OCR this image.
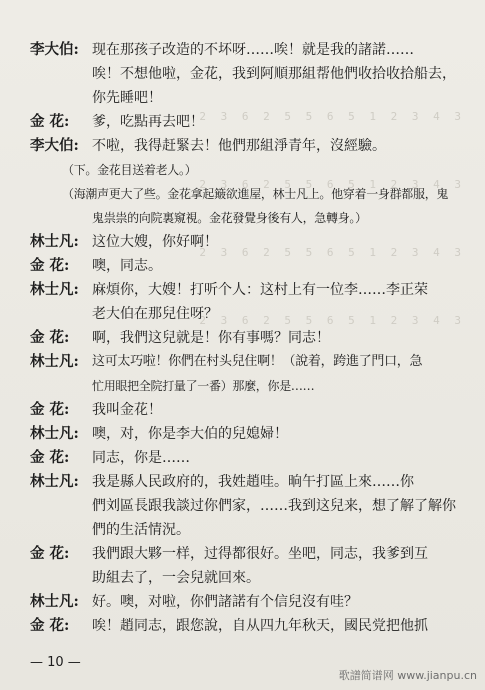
2 3 6 2 5 5 6 5 1 2 3 4 3
2 3 6 2 5 5 6 5 1 2 3 4 3
2 3 6 2 5 5 6 5 1 2 3 4 3
2 3 6 2 5 5 6 5 1 2 3 4 3
李大伯: 现在那孩子改造的不坏呀……唉！就是我的諸諾……
唉！不想他啦，金花，我到阿順那組帮他們收拾收拾船去，
你先睡吧！
金 花:	爹，吃點再去吧！
李大伯: 不啦，我得赶緊去！他們那組淨青年，沒經驗。
（下。金花目送着老人。）
（海潮声更大了些。金花拿起簸欲進屋，林士凡上。他穿着一身群都服，鬼
鬼祟祟的向院裏窺視。金花發覺身後有人，急轉身。）
林士凡: 这位大嫂，你好啊！
金 花:	噢，同志。
林士凡: 麻煩你，大嫂！打听个人：这村上有一位李……李正荣
老大伯在那兒住呀？
金 花:	啊，我們这兒就是！你有事嗎？同志！
林士凡:	这可太巧啦！你們在村头兒住啊！（說着，跨進了門口，急
忙用眼把全院打量了一番）那麼，你是……
金 花:	我叫金花！
林士凡: 噢，对，你是李大伯的兒媳婦！
金 花:	同志，你是……
林士凡: 我是縣人民政府的，我姓趙哇。晌午打區上來……你
們刘區長跟我談过你們家，……我到这兒来，想了解了解你
們的生活情況。
金 花:	我們跟大夥一样，过得都很好。坐吧，同志，我爹到互
助組去了，一会兒就回來。
林士凡: 好。噢，对啦，你們諸諾有个信兒沒有哇？
金 花:	唉！趙同志，跟您說，自从四九年秋天，國民党把他抓
— 10 —
歌譜简谱网 www.jianpu.cn
